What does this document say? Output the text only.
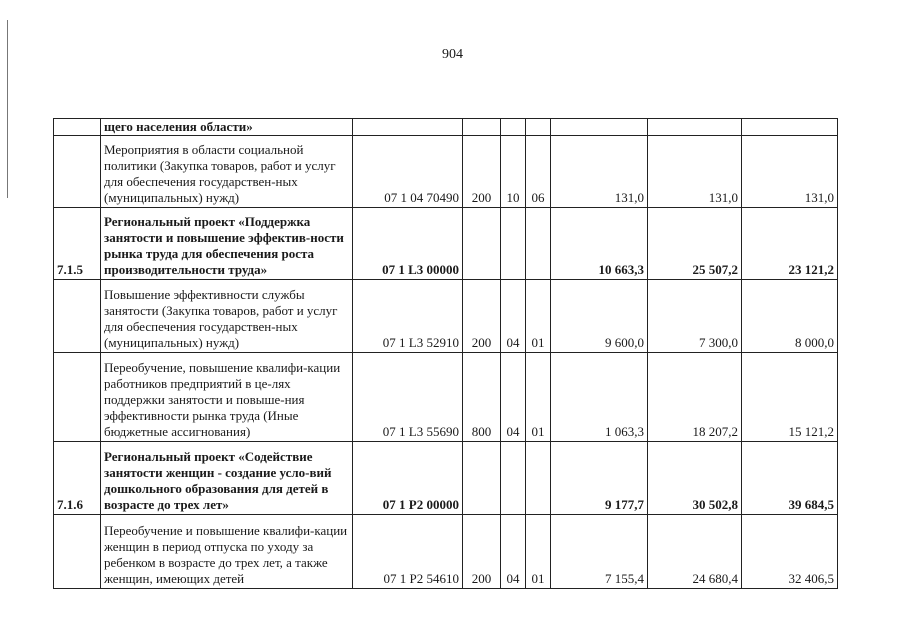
904
	щего населения области»							
	Мероприятия в области социальной политики (Закупка товаров, работ и услуг для обеспечения государствен-ных (муниципальных) нужд)	07 1 04 70490	200	10	06	131,0	131,0	131,0
7.1.5	Региональный проект «Поддержка занятости и повышение эффектив-ности рынка труда для обеспечения роста производительности труда»	07 1 L3 00000				10 663,3	25 507,2	23 121,2
	Повышение эффективности службы занятости (Закупка товаров, работ и услуг для обеспечения государствен-ных (муниципальных) нужд)	07 1 L3 52910	200	04	01	9 600,0	7 300,0	8 000,0
	Переобучение, повышение квалифи-кации работников предприятий в це-лях поддержки занятости и повыше-ния эффективности рынка труда (Иные бюджетные ассигнования)	07 1 L3 55690	800	04	01	1 063,3	18 207,2	15 121,2
7.1.6	Региональный проект «Содействие занятости женщин - создание усло-вий дошкольного образования для детей в возрасте до трех лет»	07 1 P2 00000				9 177,7	30 502,8	39 684,5
	Переобучение и повышение квалифи-кации женщин в период отпуска по уходу за ребенком в возрасте до трех лет, а также женщин, имеющих детей	07 1 P2 54610	200	04	01	7 155,4	24 680,4	32 406,5
